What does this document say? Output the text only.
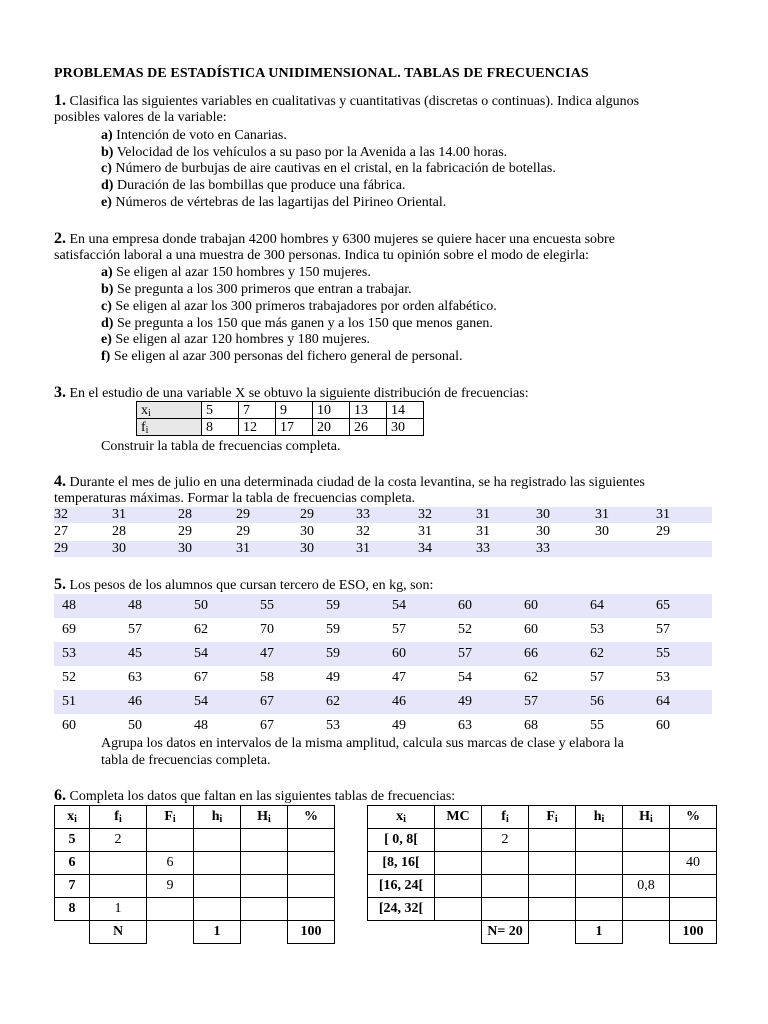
PROBLEMAS DE ESTADÍSTICA UNIDIMENSIONAL. TABLAS DE FRECUENCIAS
1. Clasifica las siguientes variables en cualitativas y cuantitativas (discretas o continuas). Indica algunos
posibles valores de la variable:
a) Intención de voto en Canarias.
b) Velocidad de los vehículos a su paso por la Avenida a las 14.00 horas.
c) Número de burbujas de aire cautivas en el cristal, en la fabricación de botellas.
d) Duración de las bombillas que produce una fábrica.
e) Números de vértebras de las lagartijas del Pirineo Oriental.
2. En una empresa donde trabajan 4200 hombres y 6300 mujeres se quiere hacer una encuesta sobre
satisfacción laboral a una muestra de 300 personas. Indica tu opinión sobre el modo de elegirla:
a) Se eligen al azar 150 hombres y 150 mujeres.
b) Se pregunta a los 300 primeros que entran a trabajar.
c) Se eligen al azar los 300 primeros trabajadores por orden alfabético.
d) Se pregunta a los 150 que más ganen y a los 150 que menos ganen.
e) Se eligen al azar 120 hombres y 180 mujeres.
f) Se eligen al azar 300 personas del fichero general de personal.
3. En el estudio de una variable X se obtuvo la siguiente distribución de frecuencias:
$x_i$	5	7	9	10	13	14
$f_i$	8	12	17	20	26	30
Construir la tabla de frecuencias completa.
4. Durante el mes de julio en una determinada ciudad de la costa levantina, se ha registrado las siguientes
temperaturas máximas. Formar la tabla de frecuencias completa.
32	31	28	29	29	33	32	31	30	31	31
27	28	29	29	30	32	31	31	30	30	29
29	30	30	31	30	31	34	33	33
5. Los pesos de los alumnos que cursan tercero de ESO, en kg, son:
48	48	50	55	59	54	60	60	64	65
69	57	62	70	59	57	52	60	53	57
53	45	54	47	59	60	57	66	62	55
52	63	67	58	49	47	54	62	57	53
51	46	54	67	62	46	49	57	56	64
60	50	48	67	53	49	63	68	55	60
Agrupa los datos en intervalos de la misma amplitud, calcula sus marcas de clase y elabora la
tabla de frecuencias completa.
6. Completa los datos que faltan en las siguientes tablas de frecuencias:
$x_i$	$f_i$	$F_i$	$h_i$	$H_i$	%
5	2				
6		6			
7		9			
8	1				
	N		1		100
$x_i$	MC	$f_i$	$F_i$	$h_i$	$H_i$	%
[ 0, 8[		2				
[8, 16[						40
[16, 24[					0,8	
[24, 32[						
		N= 20		1		100
